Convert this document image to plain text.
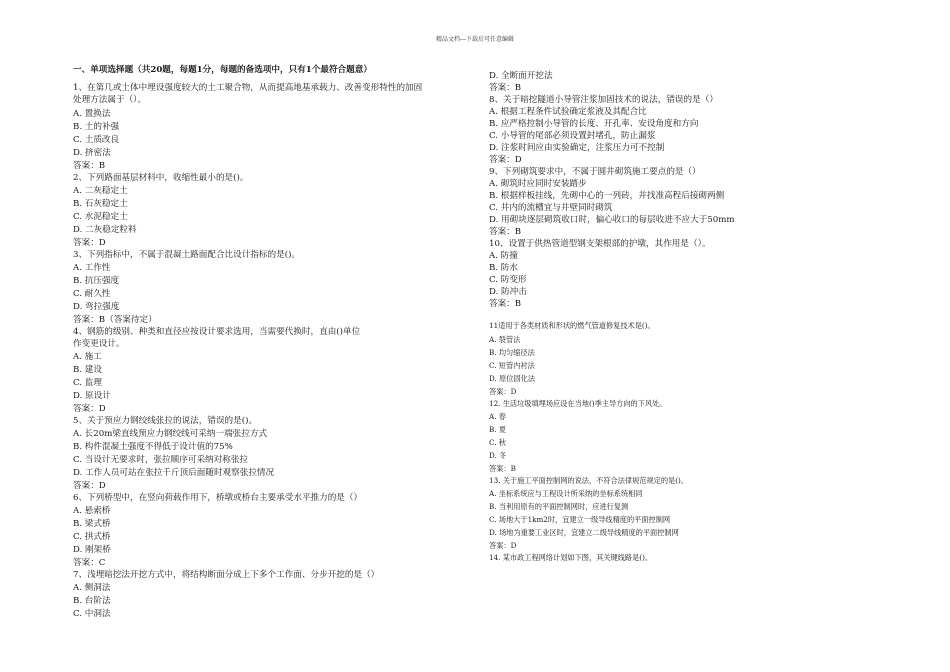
精品文档---下载后可任意编辑
一、单项选择题（共20题，每题1分，每题的备选项中，只有1个最符合题意）
1、在第几或土体中埋设强度较大的土工聚合物，从而提高地基承载力、改善变形特性的加固
处理方法属于（）。
A. 置换法
B. 土的补强
C. 土质改良
D. 挤密法
答案：B
2、下列路面基层材料中，收缩性最小的是()。
A. 二灰稳定土
B. 石灰稳定土
C. 水泥稳定土
D. 二灰稳定粒料
答案：D
3、下列指标中，不属于混凝土路面配合比设计指标的是()。
A. 工作性
B. 抗压强度
C. 耐久性
D. 弯拉强度
答案：B（答案待定）
4、钢筋的级别、种类和直径应按设计要求选用，当需要代换时，直由()单位
作变更设计。
A. 施工
B. 建设
C. 监理
D. 原设计
答案：D
5、关于预应力钢绞线张拉的说法，错误的是()。
A. 长20m梁直线预应力钢绞线可采纳一端张拉方式
B. 构件混凝土强度不得低于设计值的75%
C. 当设计无要求时，张拉顺序可采纳对称张拉
D. 工作人员可站在张拉千斤顶后面随时观察张拉情况
答案：D
6、下列桥型中，在竖向荷载作用下，桥墩或桥台主要承受水平推力的是（）
A. 悬索桥
B. 梁式桥
C. 拱式桥
D. 刚架桥
答案：C
7、浅埋暗挖法开挖方式中，将结构断面分成上下多个工作面、分步开挖的是（）
A. 侧洞法
B. 台阶法
C. 中洞法
D. 全断面开挖法
答案：B
8、关于暗挖隧道小导管注浆加固技术的说法，错误的是（）
A. 根据工程条件试验确定浆液及其配合比
B. 应严格控制小导管的长度、开孔率、安设角度和方向
C. 小导管的尾部必须设置封堵孔，防止漏浆
D. 注浆时间应由实验确定，注浆压力可不控制
答案：D
9、下列砌筑要求中，不属于圆井砌筑施工要点的是（）
A. 砌筑时应同时安装踏步
B. 根据样板挂线，先砌中心的一列砖，并找准高程后接砌两侧
C. 井内的流槽宜与井壁同时砌筑
D. 用砌块逐层砌筑收口时，偏心收口的每层收进不应大于50mm
答案：B
10、设置于供热管道型钢支架根部的护墩，其作用是（）。
A. 防撞
B. 防水
C. 防变形
D. 防冲击
答案：B
11适用于各类材质和形状的燃气管道修复技术是()。
A. 裂管法
B. 均匀缩径法
C. 短管内衬法
D. 原位固化法
答案：D
12. 生活垃圾填埋场应设在当地()季主导方向的下风处。
A. 春
B. 夏
C. 秋
D. 冬
答案：B
13. 关于施工平面控制网的说法，不符合法律规范规定的是()。
A. 坐标系统应与工程设计所采纳的坐标系统相同
B. 当利用原有的平面控制网时，应进行复测
C. 场地大于1km2时，宜建立一级导线精度的平面控制网
D. 场地为重要工业区时，宜建立二级导线精度的平面控制网
答案：D
14. 某市政工程网络计划如下图，其关键线路是()。
